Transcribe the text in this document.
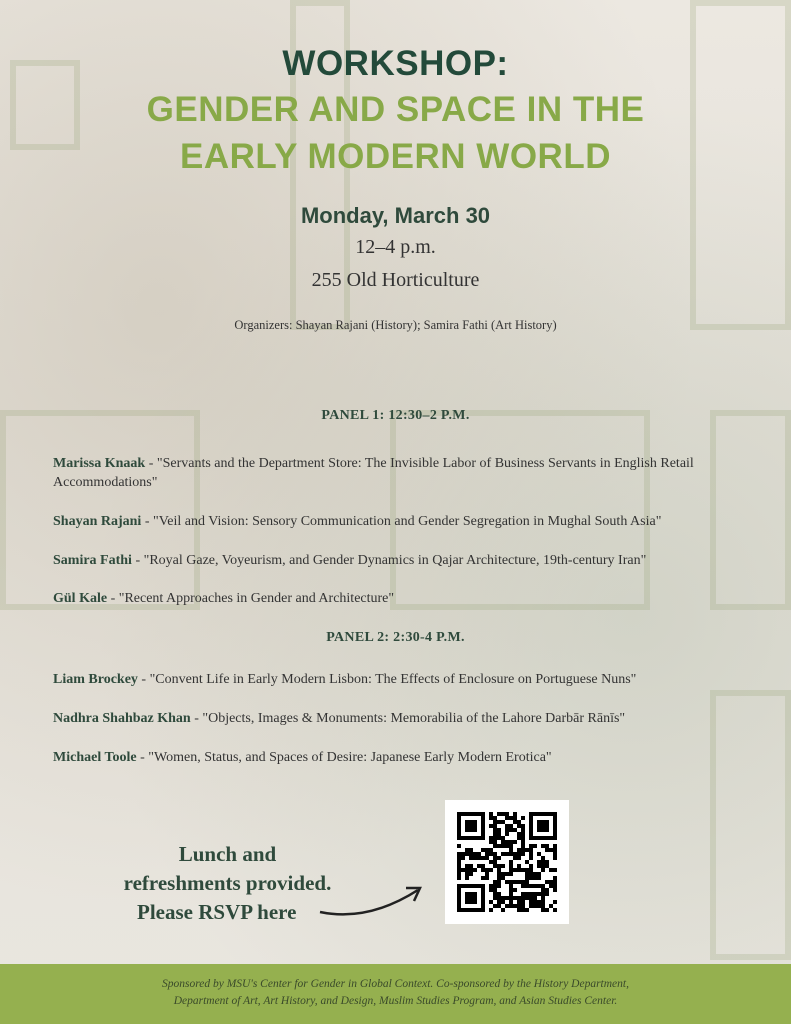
WORKSHOP:
GENDER AND SPACE IN THE
EARLY MODERN WORLD
Monday, March 30
12–4 p.m.
255 Old Horticulture
Organizers: Shayan Rajani (History); Samira Fathi (Art History)
PANEL 1: 12:30–2 P.M.
Marissa Knaak - "Servants and the Department Store: The Invisible Labor of Business Servants in English Retail Accommodations"
Shayan Rajani - "Veil and Vision: Sensory Communication and Gender Segregation in Mughal South Asia"
Samira Fathi - "Royal Gaze, Voyeurism, and Gender Dynamics in Qajar Architecture, 19th-century Iran"
Gül Kale - "Recent Approaches in Gender and Architecture"
PANEL 2: 2:30-4 P.M.
Liam Brockey - "Convent Life in Early Modern Lisbon: The Effects of Enclosure on Portuguese Nuns"
Nadhra Shahbaz Khan - "Objects, Images & Monuments: Memorabilia of the Lahore Darbār Rānīs"
Michael Toole - "Women, Status, and Spaces of Desire: Japanese Early Modern Erotica"
Lunch and
refreshments provided.
Please RSVP here
Sponsored by MSU's Center for Gender in Global Context. Co-sponsored by the History Department,
Department of Art, Art History, and Design, Muslim Studies Program, and Asian Studies Center.
